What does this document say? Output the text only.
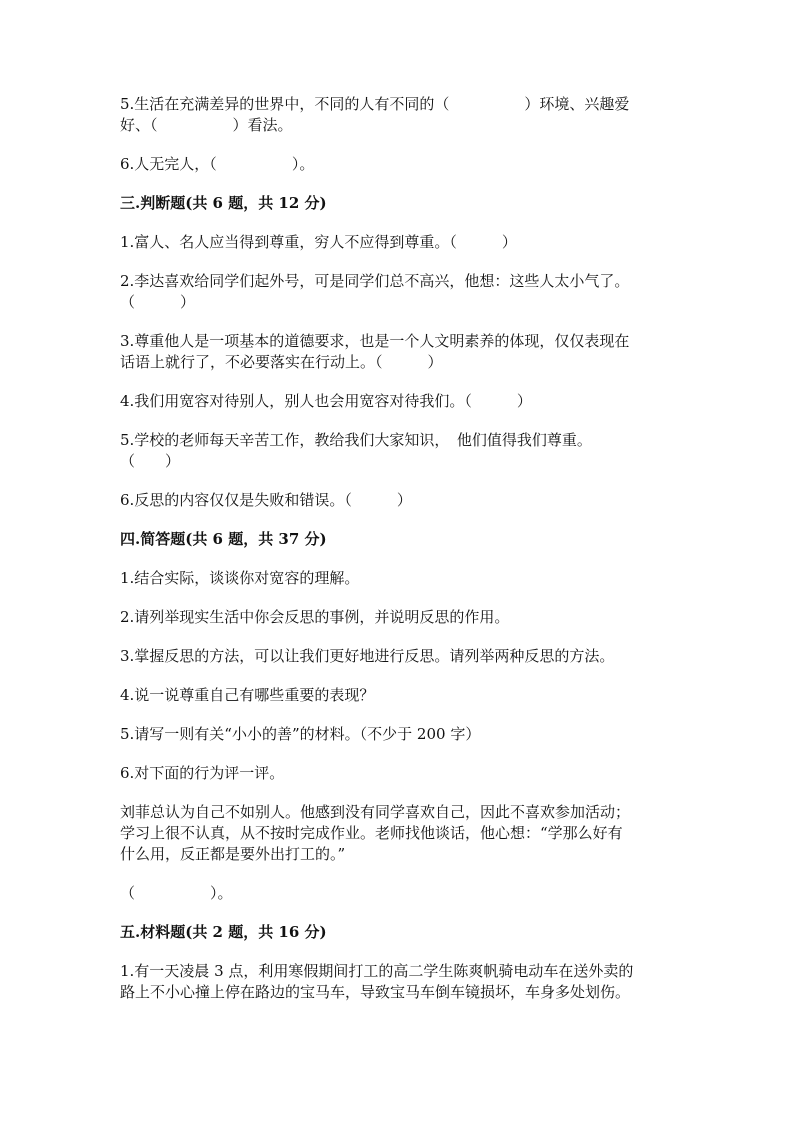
5.生活在充满差异的世界中，不同的人有不同的（　　　　　）环境、兴趣爱

好、（　　　　　）看法。

6.人无完人，（　　　　　）。

三.判断题(共 6 题，共 12 分)

1.富人、名人应当得到尊重，穷人不应得到尊重。（　　　）

2.李达喜欢给同学们起外号，可是同学们总不高兴，他想：这些人太小气了。

（　　　）

3.尊重他人是一项基本的道德要求，也是一个人文明素养的体现，仅仅表现在

话语上就行了，不必要落实在行动上。（　　　）

4.我们用宽容对待别人，别人也会用宽容对待我们。（　　　）

5.学校的老师每天辛苦工作，教给我们大家知识，　他们值得我们尊重。

（　　）

6.反思的内容仅仅是失败和错误。（　　　）

四.简答题(共 6 题，共 37 分)

1.结合实际，谈谈你对宽容的理解。

2.请列举现实生活中你会反思的事例，并说明反思的作用。

3.掌握反思的方法，可以让我们更好地进行反思。请列举两种反思的方法。

4.说一说尊重自己有哪些重要的表现？

5.请写一则有关“小小的善”的材料。（不少于 200 字）

6.对下面的行为评一评。

刘菲总认为自己不如别人。他感到没有同学喜欢自己，因此不喜欢参加活动；

学习上很不认真，从不按时完成作业。老师找他谈话，他心想：“学那么好有

什么用，反正都是要外出打工的。”

（　　　　　）。

五.材料题(共 2 题，共 16 分)

1.有一天凌晨 3 点，利用寒假期间打工的高二学生陈爽帆骑电动车在送外卖的

路上不小心撞上停在路边的宝马车，导致宝马车倒车镜损坏，车身多处划伤。
